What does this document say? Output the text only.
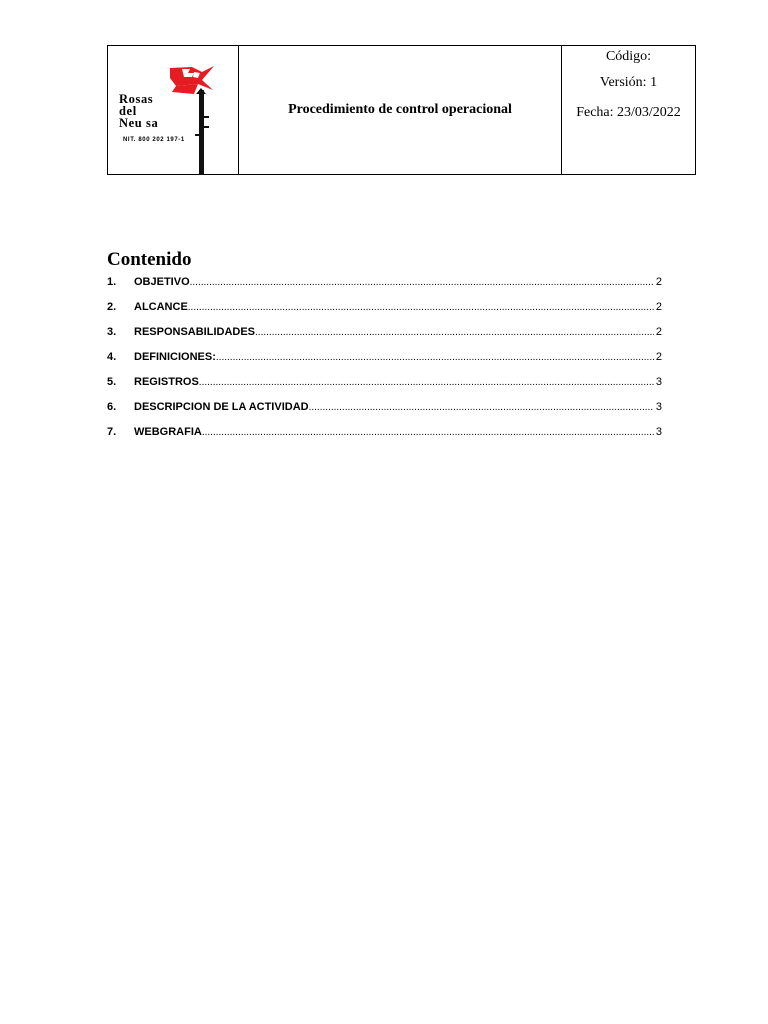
Rosas
del
Neu sa
NIT. 800 202 197-1
	Procedimiento de control operacional	
Código:
Versión: 1
Fecha: 23/03/2022
Contenido
1.	OBJETIVO .....	2
2.	ALCANCE .....	2
3.	RESPONSABILIDADES .....	2
4.	DEFINICIONES: .....	2
5.	REGISTROS .....	3
6.	DESCRIPCION DE LA ACTIVIDAD .....	3
7.	WEBGRAFIA .....	3
